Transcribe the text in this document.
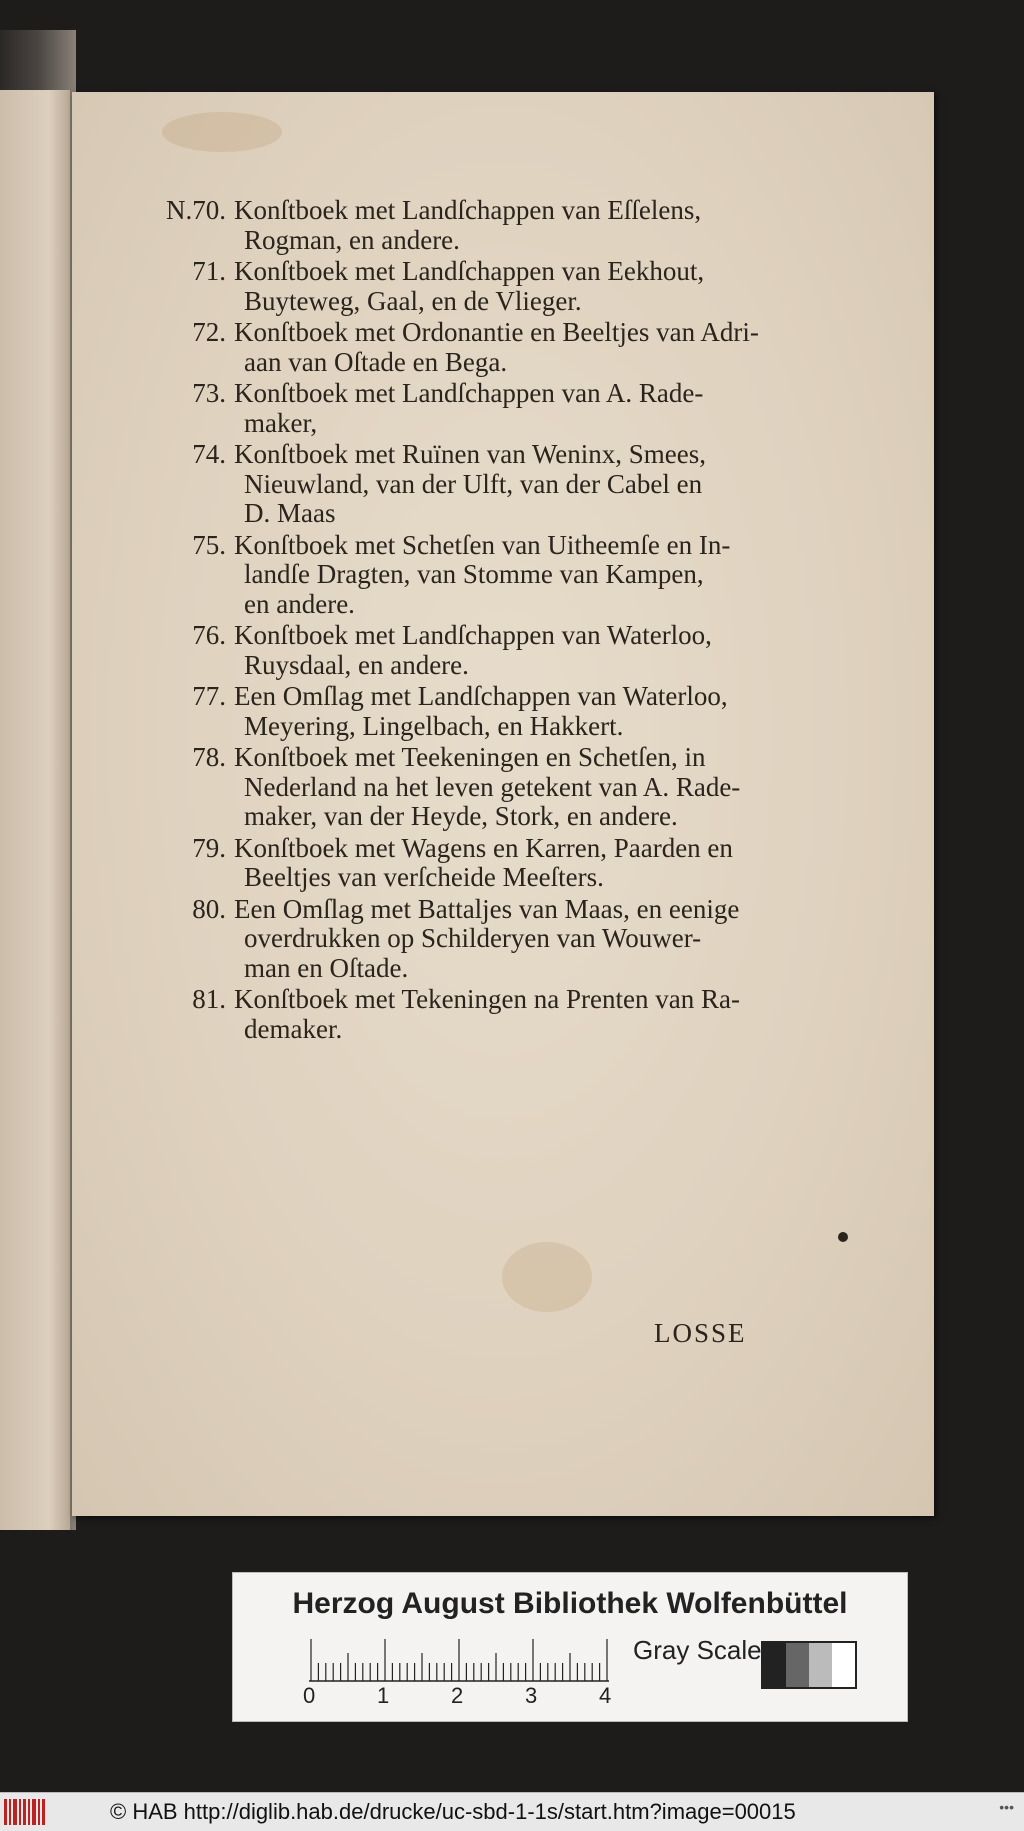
N.70. Konſtboek met Landſchappen van Eſſelens,
Rogman, en andere.
71. Konſtboek met Landſchappen van Eekhout,
Buyteweg, Gaal, en de Vlieger.
72. Konſtboek met Ordonantie en Beeltjes van Adri-
aan van Oſtade en Bega.
73. Konſtboek met Landſchappen van A. Rade-
maker,
74. Konſtboek met Ruïnen van Weninx, Smees,
Nieuwland, van der Ulft, van der Cabel en
D. Maas
75. Konſtboek met Schetſen van Uitheemſe en In-
landſe Dragten, van Stomme van Kampen,
en andere.
76. Konſtboek met Landſchappen van Waterloo,
Ruysdaal, en andere.
77. Een Omſlag met Landſchappen van Waterloo,
Meyering, Lingelbach, en Hakkert.
78. Konſtboek met Teekeningen en Schetſen, in
Nederland na het leven getekent van A. Rade-
maker, van der Heyde, Stork, en andere.
79. Konſtboek met Wagens en Karren, Paarden en
Beeltjes van verſcheide Meeſters.
80. Een Omſlag met Battaljes van Maas, en eenige
overdrukken op Schilderyen van Wouwer-
man en Oſtade.
81. Konſtboek met Tekeningen na Prenten van Ra-
demaker.
LOSSE
Herzog August Bibliothek Wolfenbüttel
0	1	2	3	4
Gray Scale
© HAB http://diglib.hab.de/drucke/uc-sbd-1-1s/start.htm?image=00015	•••
